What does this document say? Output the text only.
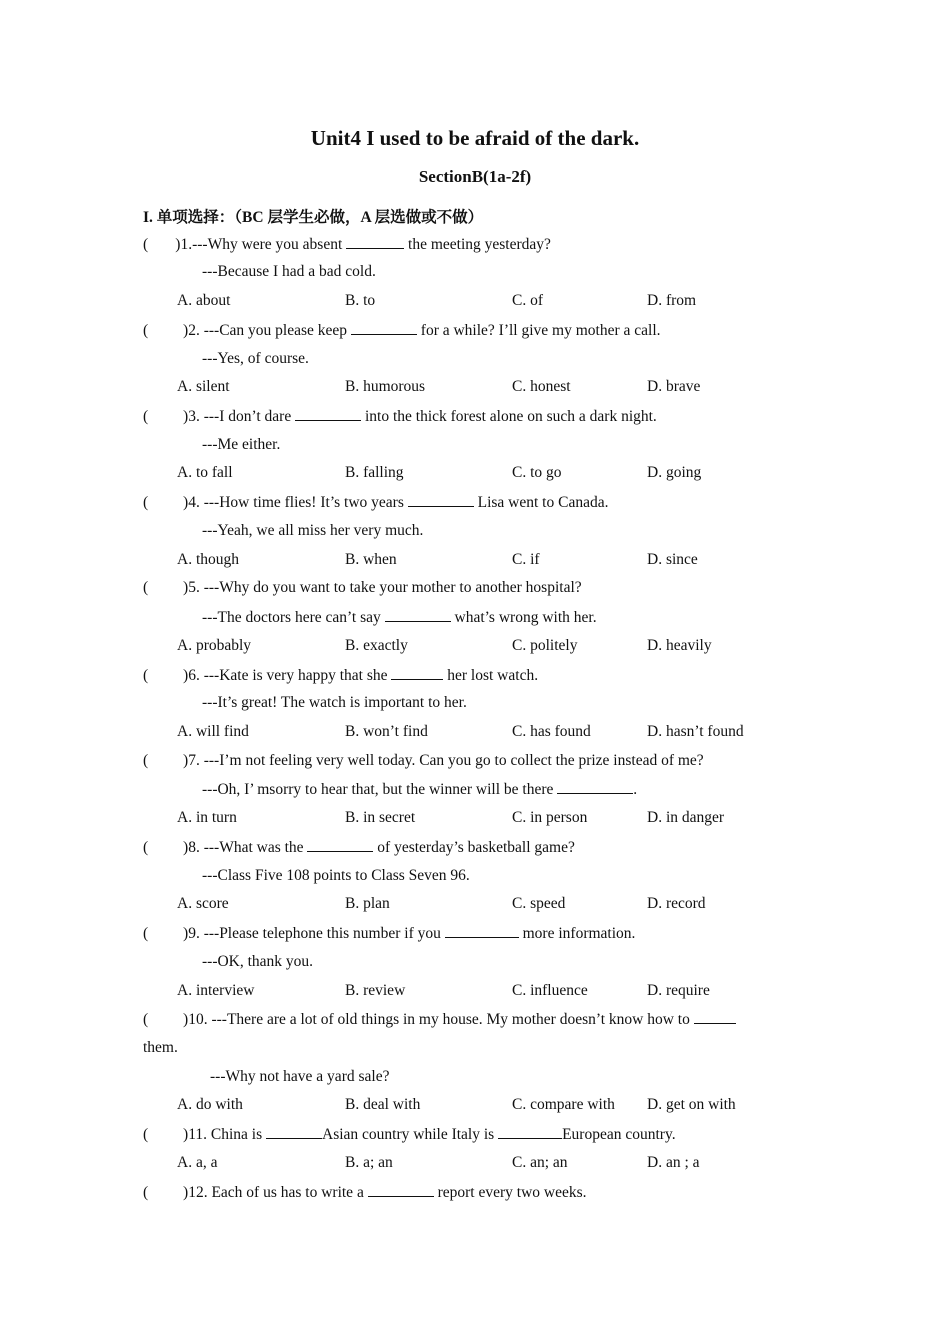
Unit4 I used to be afraid of the dark.
SectionB(1a-2f)
I. 单项选择：（BC 层学生必做，A 层选做或不做）
(       )1.---Why were you absent	the meeting yesterday?
---Because I had a bad cold.
A. about	B. to	C. of	D. from
(         )2. ---Can you please keep	for a while? I’ll give my mother a call.
---Yes, of course.
A. silent	B. humorous	C. honest	D. brave
(         )3. ---I don’t dare	into the thick forest alone on such a dark night.
---Me either.
A. to fall	B. falling	C. to go	D. going
(         )4. ---How time flies! It’s two years	Lisa went to Canada.
---Yeah, we all miss her very much.
A. though	B. when	C. if	D. since
(         )5. ---Why do you want to take your mother to another hospital?
---The doctors here can’t say	what’s wrong with her.
A. probably	B. exactly	C. politely	D. heavily
(         )6. ---Kate is very happy that she	her lost watch.
---It’s great! The watch is important to her.
A. will find	B. won’t find	C. has found	D. hasn’t found
(         )7. ---I’m not feeling very well today. Can you go to collect the prize instead of me?
---Oh, I’ msorry to hear that, but the winner will be there	.
A. in turn	B. in secret	C. in person	D. in danger
(         )8. ---What was the	of yesterday’s basketball game?
---Class Five 108 points to Class Seven 96.
A. score	B. plan	C. speed	D. record
(         )9. ---Please telephone this number if you	more information.
---OK, thank you.
A. interview	B. review	C. influence	D. require
(         )10. ---There are a lot of old things in my house. My mother doesn’t know how to
them.
---Why not have a yard sale?
A. do with	B. deal with	C. compare with D. get on with
(         )11. China is	Asian country while Italy is	European country.
A. a, a	B. a; an	C. an; an	D. an ; a
(         )12. Each of us has to write a	report every two weeks.
